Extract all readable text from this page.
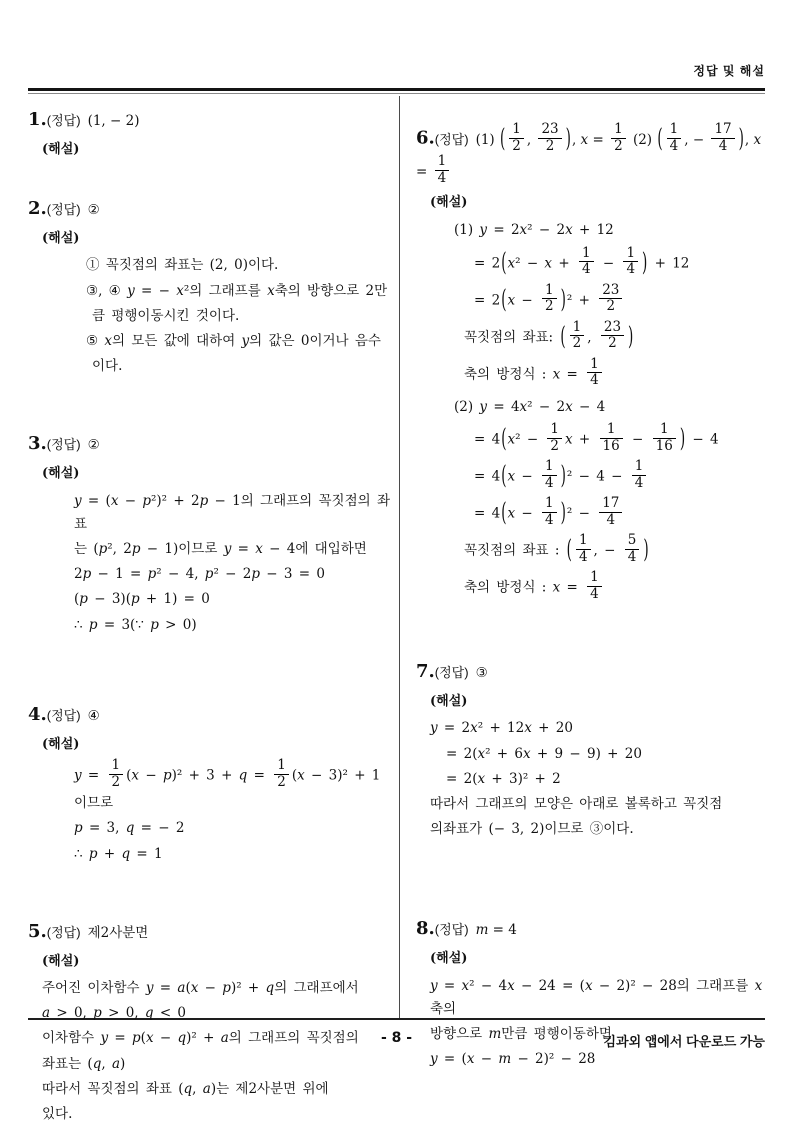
정답 및 해설
1.(정답) (1, − 2)
(해설)
2.(정답) ②
(해설)
① 꼭짓점의 좌표는 (2, 0)이다.
③, ④ y = − x²의 그래프를 x축의 방향으로 2만
큼 평행이동시킨 것이다.
⑤ x의 모든 값에 대하여 y의 값은 0이거나 음수
이다.
3.(정답) ②
(해설)
y = (x − p²)² + 2p − 1의 그래프의 꼭짓점의 좌표
는 (p², 2p − 1)이므로 y = x − 4에 대입하면
2p − 1 = p² − 4, p² − 2p − 3 = 0
(p − 3)(p + 1) = 0
∴ p = 3(∵ p > 0)
4.(정답) ④
(해설)
$y = \frac{1}{2} (x - p)^2 + 3 + q = \frac{1}{2} (x - 3)^2 + 1$이므로
p = 3, q = − 2
∴ p + q = 1
5.(정답) 제2사분면
(해설)
주어진 이차함수 y = a(x − p)² + q의 그래프에서
a > 0, p > 0, q < 0
이차함수 y = p(x − q)² + a의 그래프의 꼭짓점의
좌표는 (q, a)
따라서 꼭짓점의 좌표 (q, a)는 제2사분면 위에
있다.
6.(정답) (1) ( $\frac{1}{2}$ , $\frac{23}{2}$ ), $x = \frac{1}{2} (2)$ ( $\frac{1}{4}$ , − $\frac{17}{4}$ ), $x = \frac{1}{4}$
(해설)
(1) y = 2x² − 2x + 12
= $2(x^2 - x + \frac{1}{4} - \frac{1}{4}$ ) + 12
= $2(x - \frac{1}{2} )^2 + \frac{23}{2}$
꼭짓점의 좌표: ( $\frac{1}{2}$ , $\frac{23}{2}$ )
축의 방정식 : $x = \frac{1}{4}$
(2) y = 4x² − 2x − 4
= $4(x^2 - \frac{1}{2}$ $x + \frac{1}{16} - \frac{1}{16}$ ) − 4
= $4(x - \frac{1}{4} )^2 - 4 - \frac{1}{4}$
= $4(x - \frac{1}{4} )^2 - \frac{17}{4}$
꼭짓점의 좌표 : ( $\frac{1}{4}$ , − $\frac{5}{4}$ )
축의 방정식 : $x = \frac{1}{4}$
7.(정답) ③
(해설)
y = 2x² + 12x + 20
= 2(x² + 6x + 9 − 9) + 20
= 2(x + 3)² + 2
따라서 그래프의 모양은 아래로 볼록하고 꼭짓점
의좌표가 (− 3, 2)이므로 ③이다.
8.(정답) m = 4
(해설)
y = x² − 4x − 24 = (x − 2)² − 28의 그래프를 x축의
방향으로 m만큼 평행이동하면
y = (x − m − 2)² − 28
- 8 -	김과외 앱에서 다운로드 가능
